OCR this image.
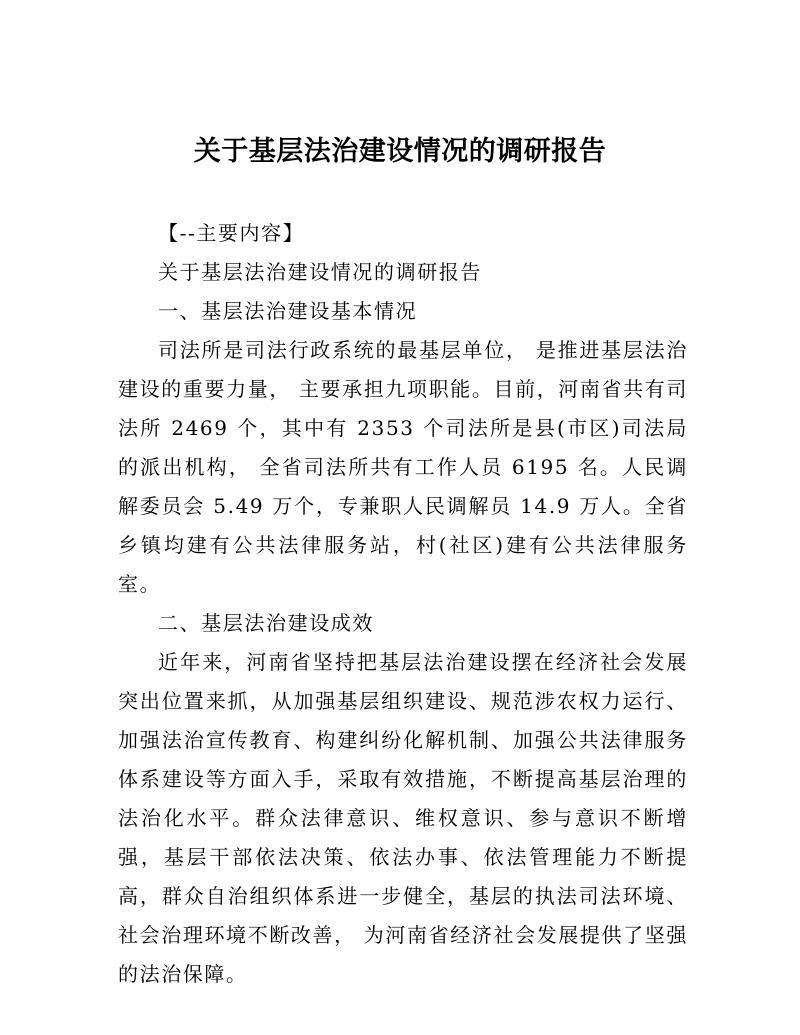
关于基层法治建设情况的调研报告

【--主要内容】

关于基层法治建设情况的调研报告

一、基层法治建设基本情况

司法所是司法行政系统的最基层单位， 是推进基层法治建设的重要力量， 主要承担九项职能。目前，河南省共有司法所 2469 个，其中有 2353 个司法所是县(市区)司法局的派出机构， 全省司法所共有工作人员 6195 名。人民调解委员会 5.49 万个，专兼职人民调解员 14.9 万人。全省乡镇均建有公共法律服务站，村(社区)建有公共法律服务室。

二、基层法治建设成效

近年来，河南省坚持把基层法治建设摆在经济社会发展突出位置来抓，从加强基层组织建设、规范涉农权力运行、加强法治宣传教育、构建纠纷化解机制、加强公共法律服务体系建设等方面入手，采取有效措施，不断提高基层治理的法治化水平。群众法律意识、维权意识、参与意识不断增强，基层干部依法决策、依法办事、依法管理能力不断提高，群众自治组织体系进一步健全，基层的执法司法环境、社会治理环境不断改善， 为河南省经济社会发展提供了坚强的法治保障。
